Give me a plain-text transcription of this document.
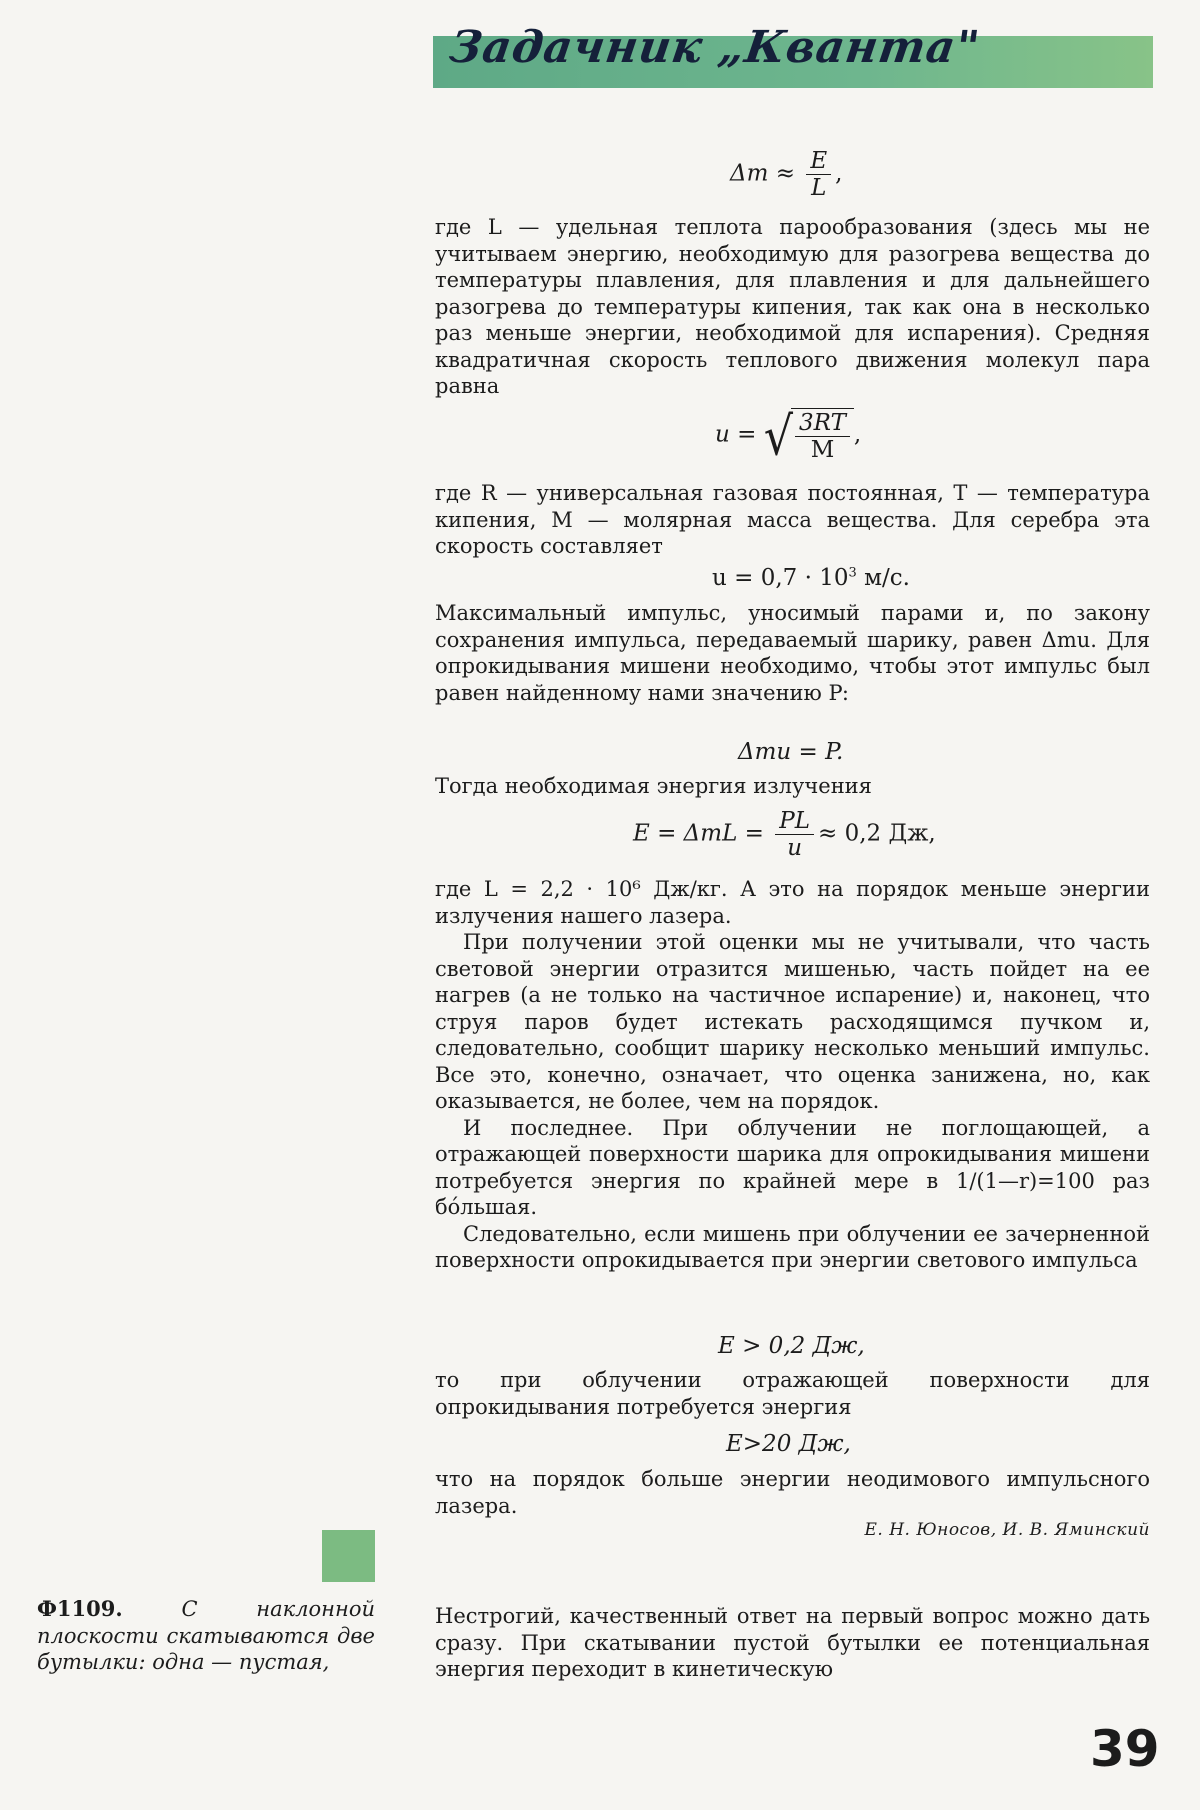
Задачник „Кванта"
$\Delta m \approx \frac{E}{L}$ ,

где L — удельная теплота парообразования (здесь мы не учитываем энергию, необходимую для разогрева вещества до температуры плавления, для плавления и для дальнейшего разогрева до температуры кипения, так как она в несколько раз меньше энергии, необходимой для испарения). Средняя квадратичная скорость теплового движения молекул пара равна

u = √ $\frac{3RT}{M}$ ,

где R — универсальная газовая постоянная, T — температура кипения, M — молярная масса вещества. Для серебра эта скорость составляет

$u = 0,7 \cdot 10^3$ м/с.

Максимальный импульс, уносимый парами и, по закону сохранения импульса, передаваемый шарику, равен Δmu. Для опрокидывания мишени необходимо, чтобы этот импульс был равен найденному нами значению P:

Δmu = P.

Тогда необходимая энергия излучения

$E = \Delta mL = \frac{PL}{u} \approx 0,2$ Дж,

где L = 2,2 · 10⁶ Дж/кг. А это на порядок меньше энергии излучения нашего лазера.

При получении этой оценки мы не учитывали, что часть световой энергии отразится мишенью, часть пойдет на ее нагрев (а не только на частичное испарение) и, наконец, что струя паров будет истекать расходящимся пучком и, следовательно, сообщит шарику несколько меньший импульс. Все это, конечно, означает, что оценка занижена, но, как оказывается, не более, чем на порядок.

И последнее. При облучении не поглощающей, а отражающей поверхности шарика для опрокидывания мишени потребуется энергия по крайней мере в 1/(1—r)=100 раз бо́льшая.

Следовательно, если мишень при облучении ее зачерненной поверхности опрокидывается при энергии светового импульса

E > 0,2 Дж,

то при облучении отражающей поверхности для опрокидывания потребуется энергия

E>20 Дж,

что на порядок больше энергии неодимового импульсного лазера.

Е. Н. Юносов, И. В. Яминский
Ф1109.	С наклонной плоскости скатываются две бутылки: одна — пустая,

Нестрогий, качественный ответ на первый вопрос можно дать сразу. При скатывании пустой бутылки ее потенциальная энергия переходит в кинетическую

39
